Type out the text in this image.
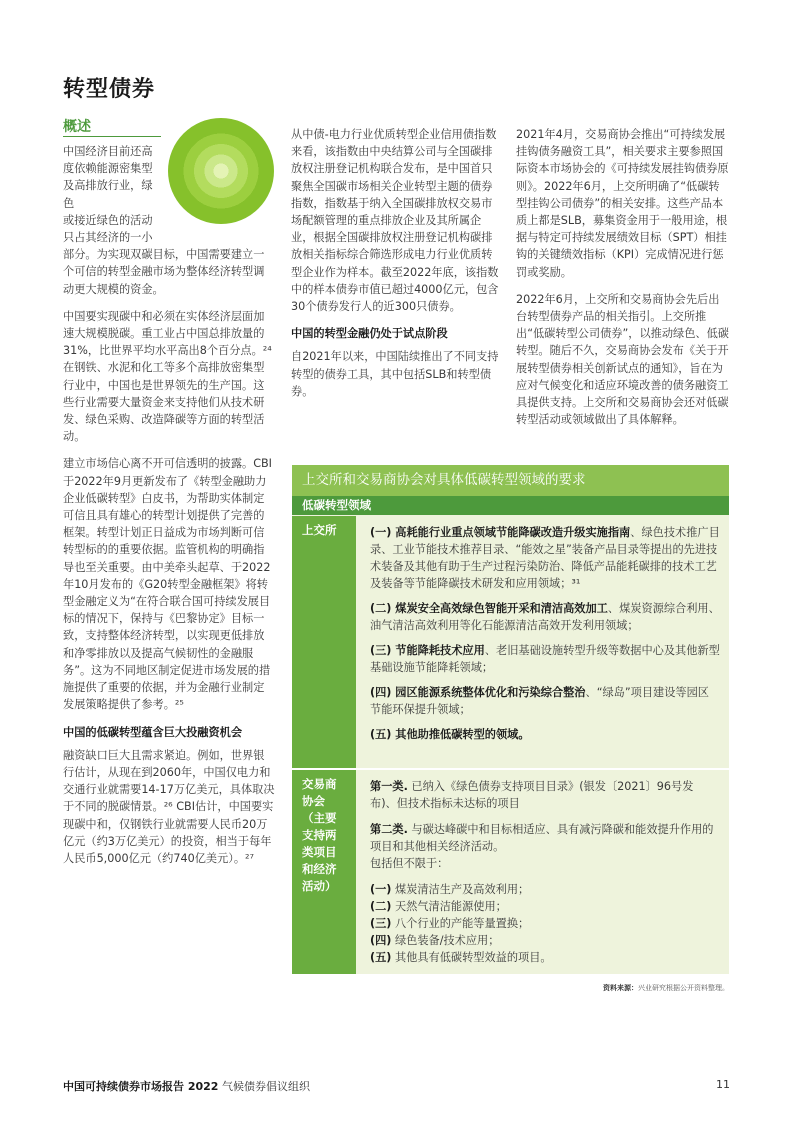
转型债券
概述
中国经济目前还高
度依赖能源密集型
及高排放行业，绿色
或接近绿色的活动
只占其经济的一小

部分。为实现双碳目标，中国需要建立一个可信的转型金融市场为整体经济转型调动更大规模的资金。

中国要实现碳中和必须在实体经济层面加速大规模脱碳。重工业占中国总排放量的31%，比世界平均水平高出8个百分点。²⁴ 在钢铁、水泥和化工等多个高排放密集型行业中，中国也是世界领先的生产国。这些行业需要大量资金来支持他们从技术研发、绿色采购、改造降碳等方面的转型活动。

建立市场信心离不开可信透明的披露。CBI于2022年9月更新发布了《转型金融助力企业低碳转型》白皮书，为帮助实体制定可信且具有雄心的转型计划提供了完善的框架。转型计划正日益成为市场判断可信转型标的的重要依据。监管机构的明确指导也至关重要。由中美牵头起草、于2022年10月发布的《G20转型金融框架》将转型金融定义为“在符合联合国可持续发展目标的情况下，保持与《巴黎协定》目标一致，支持整体经济转型，以实现更低排放和净零排放以及提高气候韧性的金融服务”。这为不同地区制定促进市场发展的措施提供了重要的依据，并为金融行业制定发展策略提供了参考。²⁵

中国的低碳转型蕴含巨大投融资机会

融资缺口巨大且需求紧迫。例如，世界银行估计，从现在到2060年，中国仅电力和交通行业就需要14-17万亿美元，具体取决于不同的脱碳情景。²⁶ CBI估计，中国要实现碳中和，仅钢铁行业就需要人民币20万亿元（约3万亿美元）的投资，相当于每年人民币5,000亿元（约740亿美元）。²⁷

从中债-电力行业优质转型企业信用债指数来看，该指数由中央结算公司与全国碳排放权注册登记机构联合发布，是中国首只聚焦全国碳市场相关企业转型主题的债券指数，指数基于纳入全国碳排放权交易市场配额管理的重点排放企业及其所属企业，根据全国碳排放权注册登记机构碳排放相关指标综合筛选形成电力行业优质转型企业作为样本。截至2022年底，该指数中的样本债券市值已超过4000亿元，包含30个债券发行人的近300只债券。

中国的转型金融仍处于试点阶段

自2021年以来，中国陆续推出了不同支持转型的债券工具，其中包括SLB和转型债券。

2021年4月，交易商协会推出“可持续发展挂钩债务融资工具”，相关要求主要参照国际资本市场协会的《可持续发展挂钩债券原则》。2022年6月，上交所明确了“低碳转型挂钩公司债券”的相关安排。这些产品本质上都是SLB，募集资金用于一般用途，根据与特定可持续发展绩效目标（SPT）相挂钩的关键绩效指标（KPI）完成情况进行惩罚或奖励。

2022年6月，上交所和交易商协会先后出台转型债券产品的相关指引。上交所推出“低碳转型公司债券”，以推动绿色、低碳转型。随后不久，交易商协会发布《关于开展转型债券相关创新试点的通知》，旨在为应对气候变化和适应环境改善的债务融资工具提供支持。上交所和交易商协会还对低碳转型活动或领域做出了具体解释。

上交所和交易商协会对具体低碳转型领域的要求
低碳转型领域
上交所	(一) 高耗能行业重点领域节能降碳改造升级实施指南、绿色技术推广目录、工业节能技术推荐目录、“能效之星”装备产品目录等提出的先进技术装备及其他有助于生产过程污染防治、降低产品能耗碳排的技术工艺及装备等节能降碳技术研发和应用领域；³¹

(二) 煤炭安全高效绿色智能开采和清洁高效加工、煤炭资源综合利用、油气清洁高效利用等化石能源清洁高效开发利用领域；

(三) 节能降耗技术应用、老旧基础设施转型升级等数据中心及其他新型基础设施节能降耗领域；

(四) 园区能源系统整体优化和污染综合整治、“绿岛”项目建设等园区节能环保提升领域；

(五) 其他助推低碳转型的领域。

交易商
协会
（主要
支持两
类项目
和经济
活动）

第一类. 已纳入《绿色债券支持项目目录》(银发〔2021〕96号发布)、但技术指标未达标的项目

第二类. 与碳达峰碳中和目标相适应、具有减污降碳和能效提升作用的项目和其他相关经济活动。

包括但不限于：

(一) 煤炭清洁生产及高效利用；

(二) 天然气清洁能源使用；

(三) 八个行业的产能等量置换；

(四) 绿色装备/技术应用；

(五) 其他具有低碳转型效益的项目。

资料来源：兴业研究根据公开资料整理。
中国可持续债券市场报告 2022 气候债券倡议组织	11
